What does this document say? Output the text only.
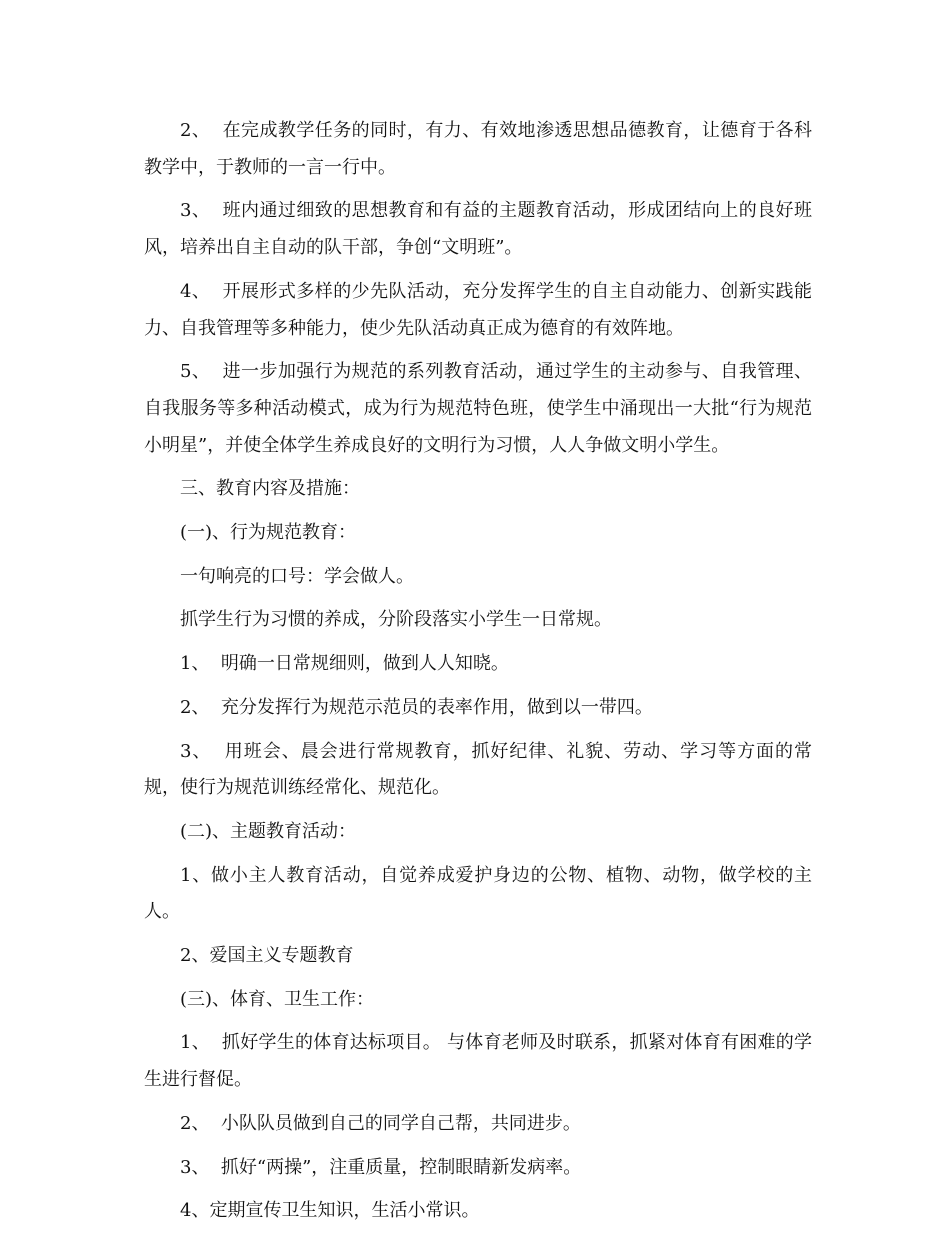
2、  在完成教学任务的同时，有力、有效地渗透思想品德教育，让德育于各科教学中，于教师的一言一行中。

3、  班内通过细致的思想教育和有益的主题教育活动，形成团结向上的良好班风，培养出自主自动的队干部，争创“文明班”。

4、  开展形式多样的少先队活动，充分发挥学生的自主自动能力、创新实践能力、自我管理等多种能力，使少先队活动真正成为德育的有效阵地。

5、  进一步加强行为规范的系列教育活动，通过学生的主动参与、自我管理、自我服务等多种活动模式，成为行为规范特色班，使学生中涌现出一大批“行为规范小明星”，并使全体学生养成良好的文明行为习惯，人人争做文明小学生。

三、教育内容及措施：

(一)、行为规范教育：

一句响亮的口号：学会做人。

抓学生行为习惯的养成，分阶段落实小学生一日常规。

1、  明确一日常规细则，做到人人知晓。

2、  充分发挥行为规范示范员的表率作用，做到以一带四。

3、  用班会、晨会进行常规教育，抓好纪律、礼貌、劳动、学习等方面的常规，使行为规范训练经常化、规范化。

(二)、主题教育活动：

1、做小主人教育活动，自觉养成爱护身边的公物、植物、动物，做学校的主人。

2、爱国主义专题教育

(三)、体育、卫生工作：

1、  抓好学生的体育达标项目。 与体育老师及时联系，抓紧对体育有困难的学生进行督促。

2、  小队队员做到自己的同学自己帮，共同进步。

3、  抓好“两操”，注重质量，控制眼睛新发病率。

4、定期宣传卫生知识，生活小常识。
